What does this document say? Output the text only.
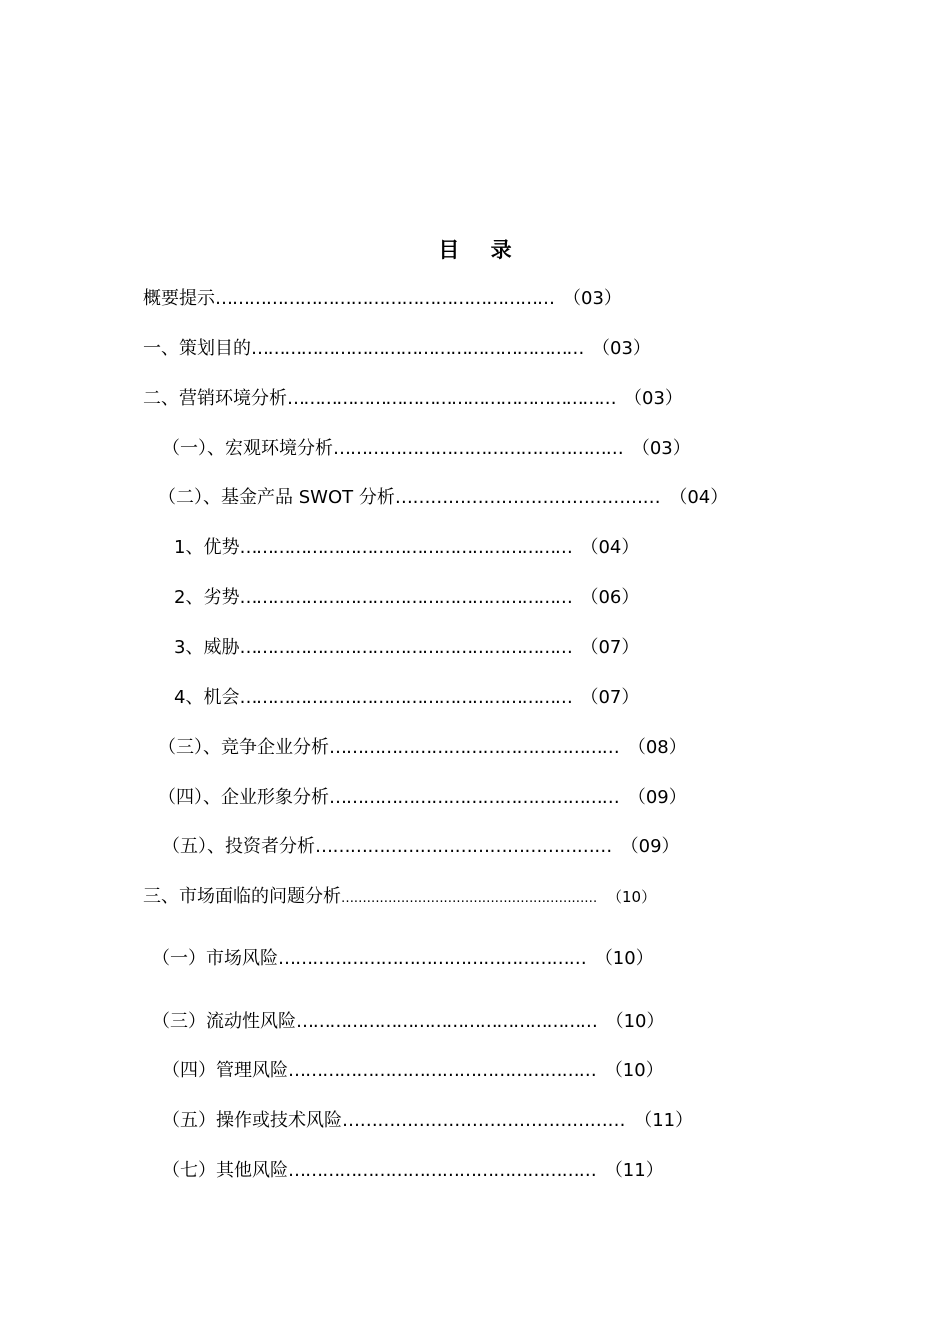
目 录
概要提示…………………………………………………… （03）
一、策划目的…………………………………………………… （03）
二、营销环境分析…………………………………………………… （03）
（一）、宏观环境分析…………………………………………… （03）
（二）、基金产品 SWOT 分析……………………………………… （04）
1、优势…………………………………………………… （04）
2、劣势…………………………………………………… （06）
3、威胁…………………………………………………… （07）
4、机会…………………………………………………… （07）
（三）、竞争企业分析…………………………………………… （08）
（四）、企业形象分析…………………………………………… （09）
（五）、投资者分析…………………………………………… （09）
三、市场面临的问题分析…………………………………………………… （10）
（一）市场风险……………………………………………… （10）
（三）流动性风险……………………………………………… （10）
（四）管理风险……………………………………………… （10）
（五）操作或技术风险………………………………………… （11）
（七）其他风险……………………………………………… （11）
